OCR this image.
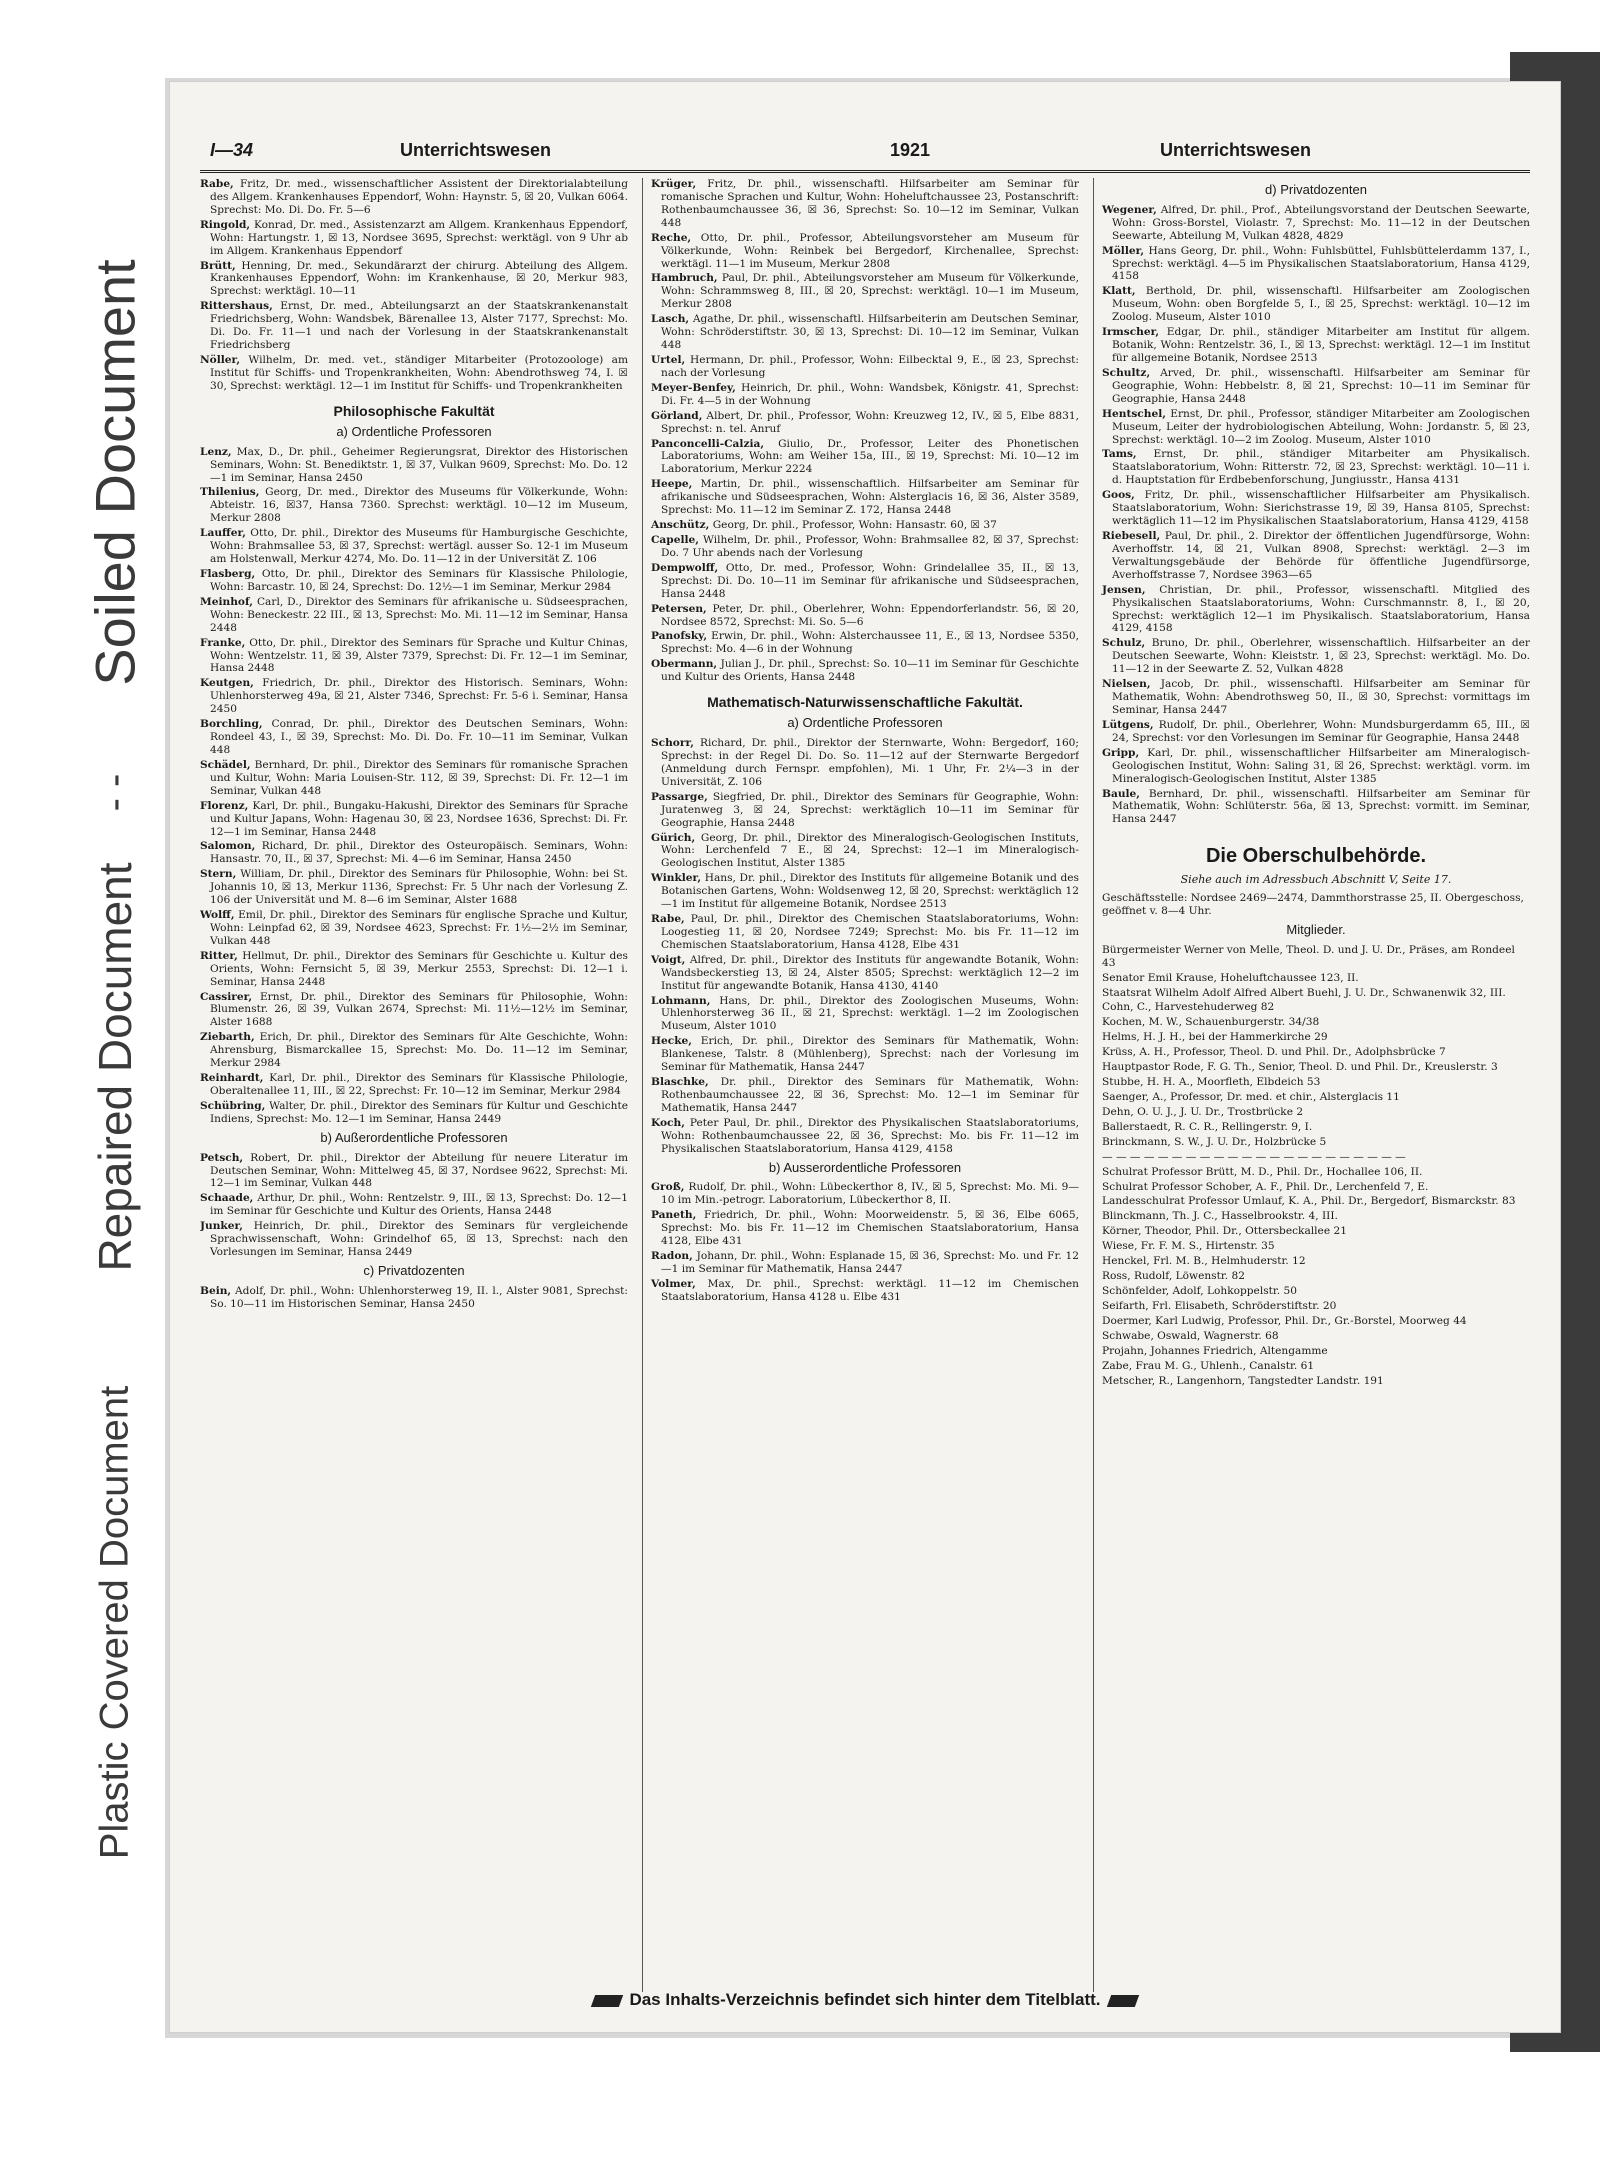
Soiled Document
- -
Repaired Document
Plastic Covered Document
I—34	Unterrichtswesen	1921	Unterrichtswesen

Rabe, Fritz, Dr. med., wissenschaftlicher Assistent der Direktorialabteilung des Allgem. Krankenhauses Eppendorf, Wohn: Haynstr. 5, ☒ 20, Vulkan 6064. Sprechst: Mo. Di. Do. Fr. 5—6

Ringold, Konrad, Dr. med., Assistenzarzt am Allgem. Krankenhaus Eppendorf, Wohn: Hartungstr. 1, ☒ 13, Nordsee 3695, Sprechst: werktägl. von 9 Uhr ab im Allgem. Krankenhaus Eppendorf

Brütt, Henning, Dr. med., Sekundärarzt der chirurg. Abteilung des Allgem. Krankenhauses Eppendorf, Wohn: im Krankenhause, ☒ 20, Merkur 983, Sprechst: werktägl. 10—11

Rittershaus, Ernst, Dr. med., Abteilungsarzt an der Staatskrankenanstalt Friedrichsberg, Wohn: Wandsbek, Bärenallee 13, Alster 7177, Sprechst: Mo. Di. Do. Fr. 11—1 und nach der Vorlesung in der Staatskrankenanstalt Friedrichsberg

Nöller, Wilhelm, Dr. med. vet., ständiger Mitarbeiter (Protozoologe) am Institut für Schiffs- und Tropenkrankheiten, Wohn: Abendrothsweg 74, I. ☒ 30, Sprechst: werktägl. 12—1 im Institut für Schiffs- und Tropenkrankheiten

Philosophische Fakultät
a) Ordentliche Professoren

Lenz, Max, D., Dr. phil., Geheimer Regierungsrat, Direktor des Historischen Seminars, Wohn: St. Benediktstr. 1, ☒ 37, Vulkan 9609, Sprechst: Mo. Do. 12—1 im Seminar, Hansa 2450

Thilenius, Georg, Dr. med., Direktor des Museums für Völkerkunde, Wohn: Abteistr. 16, ☒37, Hansa 7360. Sprechst: werktägl. 10—12 im Museum, Merkur 2808

Lauffer, Otto, Dr. phil., Direktor des Museums für Hamburgische Geschichte, Wohn: Brahmsallee 53, ☒ 37, Sprechst: wertägl. ausser So. 12-1 im Museum am Holstenwall, Merkur 4274, Mo. Do. 11—12 in der Universität Z. 106

Flasberg, Otto, Dr. phil., Direktor des Seminars für Klassische Philologie, Wohn: Barcastr. 10, ☒ 24, Sprechst: Do. 12½—1 im Seminar, Merkur 2984

Meinhof, Carl, D., Direktor des Seminars für afrikanische u. Südseesprachen, Wohn: Beneckestr. 22 III., ☒ 13, Sprechst: Mo. Mi. 11—12 im Seminar, Hansa 2448

Franke, Otto, Dr. phil., Direktor des Seminars für Sprache und Kultur Chinas, Wohn: Wentzelstr. 11, ☒ 39, Alster 7379, Sprechst: Di. Fr. 12—1 im Seminar, Hansa 2448

Keutgen, Friedrich, Dr. phil., Direktor des Historisch. Seminars, Wohn: Uhlenhorsterweg 49a, ☒ 21, Alster 7346, Sprechst: Fr. 5-6 i. Seminar, Hansa 2450

Borchling, Conrad, Dr. phil., Direktor des Deutschen Seminars, Wohn: Rondeel 43, I., ☒ 39, Sprechst: Mo. Di. Do. Fr. 10—11 im Seminar, Vulkan 448

Schädel, Bernhard, Dr. phil., Direktor des Seminars für romanische Sprachen und Kultur, Wohn: Maria Louisen-Str. 112, ☒ 39, Sprechst: Di. Fr. 12—1 im Seminar, Vulkan 448

Florenz, Karl, Dr. phil., Bungaku-Hakushi, Direktor des Seminars für Sprache und Kultur Japans, Wohn: Hagenau 30, ☒ 23, Nordsee 1636, Sprechst: Di. Fr. 12—1 im Seminar, Hansa 2448

Salomon, Richard, Dr. phil., Direktor des Osteuropäisch. Seminars, Wohn: Hansastr. 70, II., ☒ 37, Sprechst: Mi. 4—6 im Seminar, Hansa 2450

Stern, William, Dr. phil., Direktor des Seminars für Philosophie, Wohn: bei St. Johannis 10, ☒ 13, Merkur 1136, Sprechst: Fr. 5 Uhr nach der Vorlesung Z. 106 der Universität und M. 8—6 im Seminar, Alster 1688

Wolff, Emil, Dr. phil., Direktor des Seminars für englische Sprache und Kultur, Wohn: Leinpfad 62, ☒ 39, Nordsee 4623, Sprechst: Fr. 1½—2½ im Seminar, Vulkan 448

Ritter, Hellmut, Dr. phil., Direktor des Seminars für Geschichte u. Kultur des Orients, Wohn: Fernsicht 5, ☒ 39, Merkur 2553, Sprechst: Di. 12—1 i. Seminar, Hansa 2448

Cassirer, Ernst, Dr. phil., Direktor des Seminars für Philosophie, Wohn: Blumenstr. 26, ☒ 39, Vulkan 2674, Sprechst: Mi. 11½—12½ im Seminar, Alster 1688

Ziebarth, Erich, Dr. phil., Direktor des Seminars für Alte Geschichte, Wohn: Ahrensburg, Bismarckallee 15, Sprechst: Mo. Do. 11—12 im Seminar, Merkur 2984

Reinhardt, Karl, Dr. phil., Direktor des Seminars für Klassische Philologie, Oberaltenallee 11, III., ☒ 22, Sprechst: Fr. 10—12 im Seminar, Merkur 2984

Schübring, Walter, Dr. phil., Direktor des Seminars für Kultur und Geschichte Indiens, Sprechst: Mo. 12—1 im Seminar, Hansa 2449

b) Außerordentliche Professoren

Petsch, Robert, Dr. phil., Direktor der Abteilung für neuere Literatur im Deutschen Seminar, Wohn: Mittelweg 45, ☒ 37, Nordsee 9622, Sprechst: Mi. 12—1 im Seminar, Vulkan 448

Schaade, Arthur, Dr. phil., Wohn: Rentzelstr. 9, III., ☒ 13, Sprechst: Do. 12—1 im Seminar für Geschichte und Kultur des Orients, Hansa 2448

Junker, Heinrich, Dr. phil., Direktor des Seminars für vergleichende Sprachwissenschaft, Wohn: Grindelhof 65, ☒ 13, Sprechst: nach den Vorlesungen im Seminar, Hansa 2449

c) Privatdozenten

Bein, Adolf, Dr. phil., Wohn: Uhlenhorsterweg 19, II. l., Alster 9081, Sprechst: So. 10—11 im Historischen Seminar, Hansa 2450

Krüger, Fritz, Dr. phil., wissenschaftl. Hilfsarbeiter am Seminar für romanische Sprachen und Kultur, Wohn: Hoheluftchaussee 23, Postanschrift: Rothenbaumchaussee 36, ☒ 36, Sprechst: So. 10—12 im Seminar, Vulkan 448

Reche, Otto, Dr. phil., Professor, Abteilungsvorsteher am Museum für Völkerkunde, Wohn: Reinbek bei Bergedorf, Kirchenallee, Sprechst: werktägl. 11—1 im Museum, Merkur 2808

Hambruch, Paul, Dr. phil., Abteilungsvorsteher am Museum für Völkerkunde, Wohn: Schrammsweg 8, III., ☒ 20, Sprechst: werktägl. 10—1 im Museum, Merkur 2808

Lasch, Agathe, Dr. phil., wissenschaftl. Hilfsarbeiterin am Deutschen Seminar, Wohn: Schröderstiftstr. 30, ☒ 13, Sprechst: Di. 10—12 im Seminar, Vulkan 448

Urtel, Hermann, Dr. phil., Professor, Wohn: Eilbecktal 9, E., ☒ 23, Sprechst: nach der Vorlesung

Meyer-Benfey, Heinrich, Dr. phil., Wohn: Wandsbek, Königstr. 41, Sprechst: Di. Fr. 4—5 in der Wohnung

Görland, Albert, Dr. phil., Professor, Wohn: Kreuzweg 12, IV., ☒ 5, Elbe 8831, Sprechst: n. tel. Anruf

Panconcelli-Calzia, Giulio, Dr., Professor, Leiter des Phonetischen Laboratoriums, Wohn: am Weiher 15a, III., ☒ 19, Sprechst: Mi. 10—12 im Laboratorium, Merkur 2224

Heepe, Martin, Dr. phil., wissenschaftlich. Hilfsarbeiter am Seminar für afrikanische und Südseesprachen, Wohn: Alsterglacis 16, ☒ 36, Alster 3589, Sprechst: Mo. 11—12 im Seminar Z. 172, Hansa 2448

Anschütz, Georg, Dr. phil., Professor, Wohn: Hansastr. 60, ☒ 37

Capelle, Wilhelm, Dr. phil., Professor, Wohn: Brahmsallee 82, ☒ 37, Sprechst: Do. 7 Uhr abends nach der Vorlesung

Dempwolff, Otto, Dr. med., Professor, Wohn: Grindelallee 35, II., ☒ 13, Sprechst: Di. Do. 10—11 im Seminar für afrikanische und Südseesprachen, Hansa 2448

Petersen, Peter, Dr. phil., Oberlehrer, Wohn: Eppendorferlandstr. 56, ☒ 20, Nordsee 8572, Sprechst: Mi. So. 5—6

Panofsky, Erwin, Dr. phil., Wohn: Alsterchaussee 11, E., ☒ 13, Nordsee 5350, Sprechst: Mo. 4—6 in der Wohnung

Obermann, Julian J., Dr. phil., Sprechst: So. 10—11 im Seminar für Geschichte und Kultur des Orients, Hansa 2448

Mathematisch-Naturwissenschaftliche Fakultät.
a) Ordentliche Professoren

Schorr, Richard, Dr. phil., Direktor der Sternwarte, Wohn: Bergedorf, 160; Sprechst: in der Regel Di. Do. So. 11—12 auf der Sternwarte Bergedorf (Anmeldung durch Fernspr. empfohlen), Mi. 1 Uhr, Fr. 2¼—3 in der Universität, Z. 106

Passarge, Siegfried, Dr. phil., Direktor des Seminars für Geographie, Wohn: Juratenweg 3, ☒ 24, Sprechst: werktäglich 10—11 im Seminar für Geographie, Hansa 2448

Gürich, Georg, Dr. phil., Direktor des Mineralogisch-Geologischen Instituts, Wohn: Lerchenfeld 7 E., ☒ 24, Sprechst: 12—1 im Mineralogisch-Geologischen Institut, Alster 1385

Winkler, Hans, Dr. phil., Direktor des Instituts für allgemeine Botanik und des Botanischen Gartens, Wohn: Woldsenweg 12, ☒ 20, Sprechst: werktäglich 12—1 im Institut für allgemeine Botanik, Nordsee 2513

Rabe, Paul, Dr. phil., Direktor des Chemischen Staatslaboratoriums, Wohn: Loogestieg 11, ☒ 20, Nordsee 7249; Sprechst: Mo. bis Fr. 11—12 im Chemischen Staatslaboratorium, Hansa 4128, Elbe 431

Voigt, Alfred, Dr. phil., Direktor des Instituts für angewandte Botanik, Wohn: Wandsbeckerstieg 13, ☒ 24, Alster 8505; Sprechst: werktäglich 12—2 im Institut für angewandte Botanik, Hansa 4130, 4140

Lohmann, Hans, Dr. phil., Direktor des Zoologischen Museums, Wohn: Uhlenhorsterweg 36 II., ☒ 21, Sprechst: werktägl. 1—2 im Zoologischen Museum, Alster 1010

Hecke, Erich, Dr. phil., Direktor des Seminars für Mathematik, Wohn: Blankenese, Talstr. 8 (Mühlenberg), Sprechst: nach der Vorlesung im Seminar für Mathematik, Hansa 2447

Blaschke, Dr. phil., Direktor des Seminars für Mathematik, Wohn: Rothenbaumchaussee 22, ☒ 36, Sprechst: Mo. 12—1 im Seminar für Mathematik, Hansa 2447

Koch, Peter Paul, Dr. phil., Direktor des Physikalischen Staatslaboratoriums, Wohn: Rothenbaumchaussee 22, ☒ 36, Sprechst: Mo. bis Fr. 11—12 im Physikalischen Staatslaboratorium, Hansa 4129, 4158

b) Ausserordentliche Professoren

Groß, Rudolf, Dr. phil., Wohn: Lübeckerthor 8, IV., ☒ 5, Sprechst: Mo. Mi. 9—10 im Min.-petrogr. Laboratorium, Lübeckerthor 8, II.

Paneth, Friedrich, Dr. phil., Wohn: Moorweidenstr. 5, ☒ 36, Elbe 6065, Sprechst: Mo. bis Fr. 11—12 im Chemischen Staatslaboratorium, Hansa 4128, Elbe 431

Radon, Johann, Dr. phil., Wohn: Esplanade 15, ☒ 36, Sprechst: Mo. und Fr. 12—1 im Seminar für Mathematik, Hansa 2447

Volmer, Max, Dr. phil., Sprechst: werktägl. 11—12 im Chemischen Staatslaboratorium, Hansa 4128 u. Elbe 431

d) Privatdozenten

Wegener, Alfred, Dr. phil., Prof., Abteilungsvorstand der Deutschen Seewarte, Wohn: Gross-Borstel, Violastr. 7, Sprechst: Mo. 11—12 in der Deutschen Seewarte, Abteilung M, Vulkan 4828, 4829

Möller, Hans Georg, Dr. phil., Wohn: Fuhlsbüttel, Fuhlsbüttelerdamm 137, I., Sprechst: werktägl. 4—5 im Physikalischen Staatslaboratorium, Hansa 4129, 4158

Klatt, Berthold, Dr. phil, wissenschaftl. Hilfsarbeiter am Zoologischen Museum, Wohn: oben Borgfelde 5, I., ☒ 25, Sprechst: werktägl. 10—12 im Zoolog. Museum, Alster 1010

Irmscher, Edgar, Dr. phil., ständiger Mitarbeiter am Institut für allgem. Botanik, Wohn: Rentzelstr. 36, I., ☒ 13, Sprechst: werktägl. 12—1 im Institut für allgemeine Botanik, Nordsee 2513

Schultz, Arved, Dr. phil., wissenschaftl. Hilfsarbeiter am Seminar für Geographie, Wohn: Hebbelstr. 8, ☒ 21, Sprechst: 10—11 im Seminar für Geographie, Hansa 2448

Hentschel, Ernst, Dr. phil., Professor, ständiger Mitarbeiter am Zoologischen Museum, Leiter der hydrobiologischen Abteilung, Wohn: Jordanstr. 5, ☒ 23, Sprechst: werktägl. 10—2 im Zoolog. Museum, Alster 1010

Tams, Ernst, Dr. phil., ständiger Mitarbeiter am Physikalisch. Staatslaboratorium, Wohn: Ritterstr. 72, ☒ 23, Sprechst: werktägl. 10—11 i. d. Hauptstation für Erdbebenforschung, Jungiusstr., Hansa 4131

Goos, Fritz, Dr. phil., wissenschaftlicher Hilfsarbeiter am Physikalisch. Staatslaboratorium, Wohn: Sierichstrasse 19, ☒ 39, Hansa 8105, Sprechst: werktäglich 11—12 im Physikalischen Staatslaboratorium, Hansa 4129, 4158

Riebesell, Paul, Dr. phil., 2. Direktor der öffentlichen Jugendfürsorge, Wohn: Averhoffstr. 14, ☒ 21, Vulkan 8908, Sprechst: werktägl. 2—3 im Verwaltungsgebäude der Behörde für öffentliche Jugendfürsorge, Averhoffstrasse 7, Nordsee 3963—65

Jensen, Christian, Dr. phil., Professor, wissenschaftl. Mitglied des Physikalischen Staatslaboratoriums, Wohn: Curschmannstr. 8, I., ☒ 20, Sprechst: werktäglich 12—1 im Physikalisch. Staatslaboratorium, Hansa 4129, 4158

Schulz, Bruno, Dr. phil., Oberlehrer, wissenschaftlich. Hilfsarbeiter an der Deutschen Seewarte, Wohn: Kleiststr. 1, ☒ 23, Sprechst: werktägl. Mo. Do. 11—12 in der Seewarte Z. 52, Vulkan 4828

Nielsen, Jacob, Dr. phil., wissenschaftl. Hilfsarbeiter am Seminar für Mathematik, Wohn: Abendrothsweg 50, II., ☒ 30, Sprechst: vormittags im Seminar, Hansa 2447

Lütgens, Rudolf, Dr. phil., Oberlehrer, Wohn: Mundsburgerdamm 65, III., ☒ 24, Sprechst: vor den Vorlesungen im Seminar für Geographie, Hansa 2448

Gripp, Karl, Dr. phil., wissenschaftlicher Hilfsarbeiter am Mineralogisch-Geologischen Institut, Wohn: Saling 31, ☒ 26, Sprechst: werktägl. vorm. im Mineralogisch-Geologischen Institut, Alster 1385

Baule, Bernhard, Dr. phil., wissenschaftl. Hilfsarbeiter am Seminar für Mathematik, Wohn: Schlüterstr. 56a, ☒ 13, Sprechst: vormitt. im Seminar, Hansa 2447

Die Oberschulbehörde.
Siehe auch im Adressbuch Abschnitt V, Seite 17.
Geschäftsstelle: Nordsee 2469—2474, Dammthorstrasse 25, II. Obergeschoss, geöffnet v. 8—4 Uhr.
Mitglieder.
Bürgermeister Werner von Melle, Theol. D. und J. U. Dr., Präses, am Rondeel 43
Senator Emil Krause, Hoheluftchaussee 123, II.
Staatsrat Wilhelm Adolf Alfred Albert Buehl, J. U. Dr., Schwanenwik 32, III.
Cohn, C., Harvestehuderweg 82
Kochen, M. W., Schauenburgerstr. 34/38
Helms, H. J. H., bei der Hammerkirche 29
Krüss, A. H., Professor, Theol. D. und Phil. Dr., Adolphsbrücke 7
Hauptpastor Rode, F. G. Th., Senior, Theol. D. und Phil. Dr., Kreuslerstr. 3
Stubbe, H. H. A., Moorfleth, Elbdeich 53
Saenger, A., Professor, Dr. med. et chir., Alsterglacis 11
Dehn, O. U. J., J. U. Dr., Trostbrücke 2
Ballerstaedt, R. C. R., Rellingerstr. 9, I.
Brinckmann, S. W., J. U. Dr., Holzbrücke 5
— — — — — — — — — — — — — — — — — — — — — —
Schulrat Professor Brütt, M. D., Phil. Dr., Hochallee 106, II.
Schulrat Professor Schober, A. F., Phil. Dr., Lerchenfeld 7, E.
Landesschulrat Professor Umlauf, K. A., Phil. Dr., Bergedorf, Bismarckstr. 83
Blinckmann, Th. J. C., Hasselbrookstr. 4, III.
Körner, Theodor, Phil. Dr., Ottersbeckallee 21
Wiese, Fr. F. M. S., Hirtenstr. 35
Henckel, Frl. M. B., Helmhuderstr. 12
Ross, Rudolf, Löwenstr. 82
Schönfelder, Adolf, Lohkoppelstr. 50
Seifarth, Frl. Elisabeth, Schröderstiftstr. 20
Doermer, Karl Ludwig, Professor, Phil. Dr., Gr.-Borstel, Moorweg 44
Schwabe, Oswald, Wagnerstr. 68
Projahn, Johannes Friedrich, Altengamme
Zabe, Frau M. G., Uhlenh., Canalstr. 61
Metscher, R., Langenhorn, Tangstedter Landstr. 191
Das Inhalts-Verzeichnis befindet sich hinter dem Titelblatt.
